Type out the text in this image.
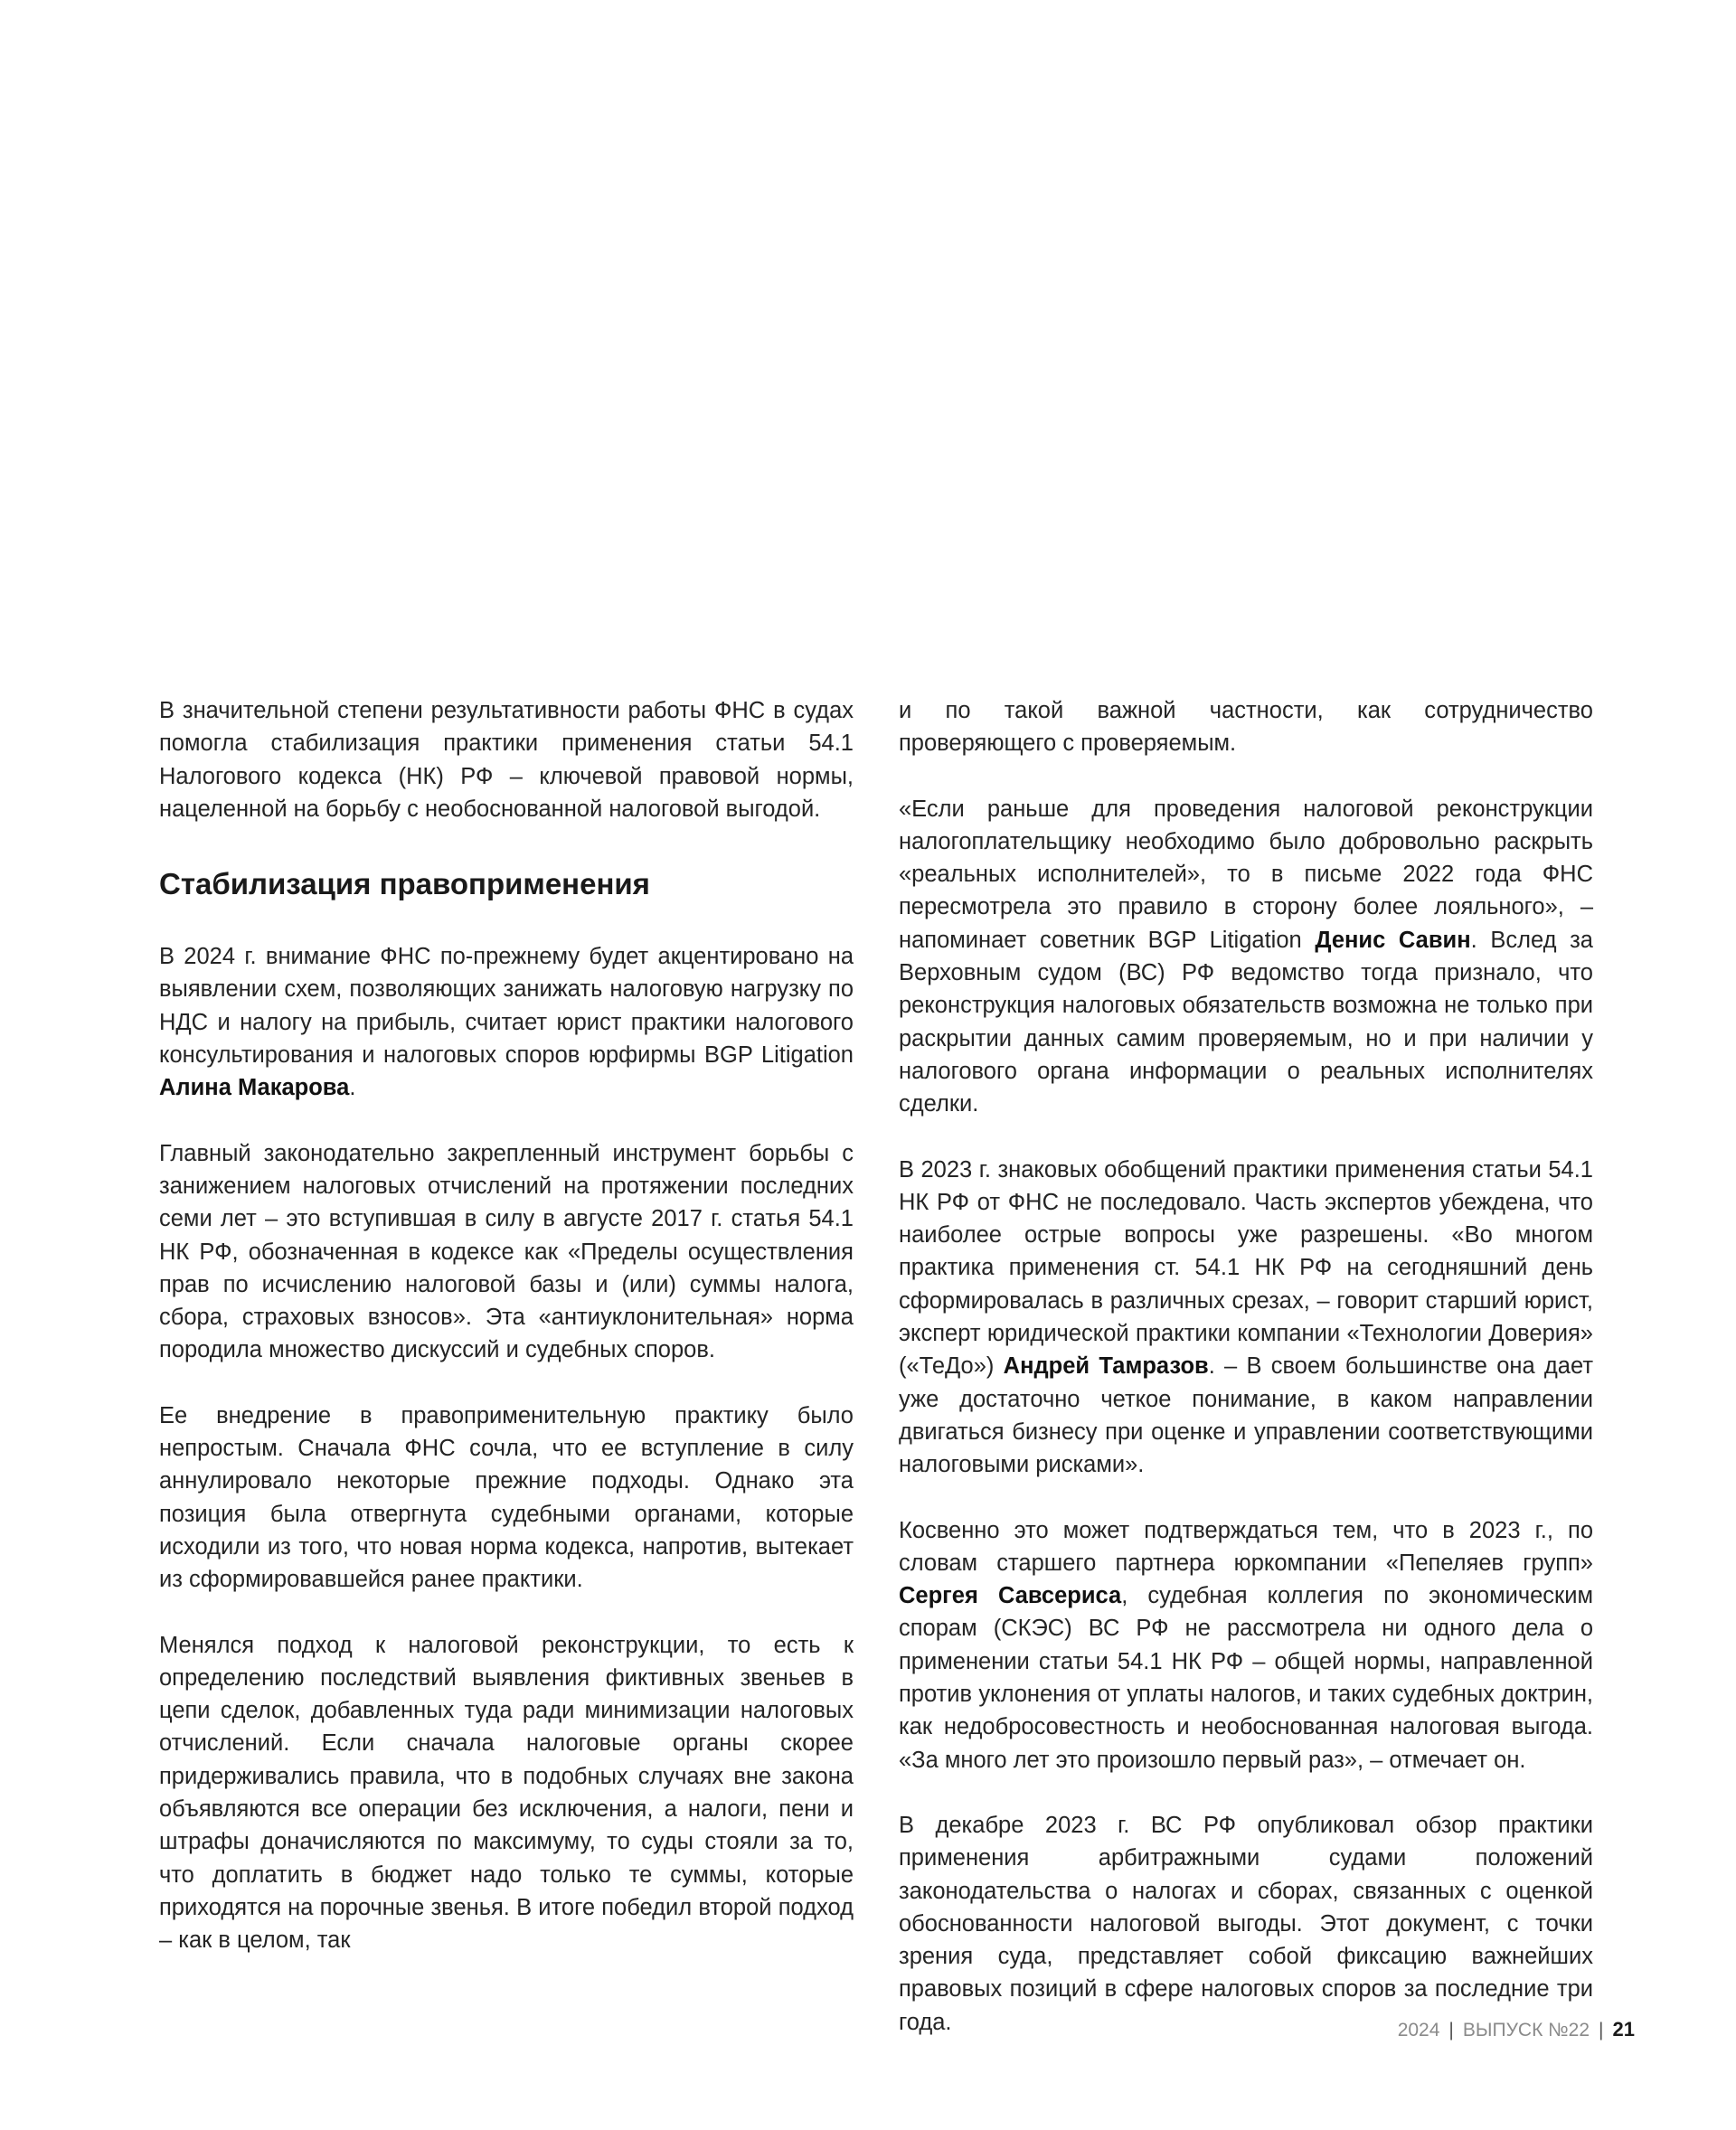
В значительной степени результативности работы ФНС в судах помогла стабилизация практики применения статьи 54.1 Налогового кодекса (НК) РФ – ключевой правовой нормы, нацеленной на борьбу с необоснованной налоговой выгодой.

Стабилизация правоприменения

В 2024 г. внимание ФНС по-прежнему будет акцентировано на выявлении схем, позволяющих занижать налоговую нагрузку по НДС и налогу на прибыль, считает юрист практики налогового консультирования и налоговых споров юрфирмы BGP Litigation Алина Макарова.

Главный законодательно закрепленный инструмент борьбы с занижением налоговых отчислений на протяжении последних семи лет – это вступившая в силу в августе 2017 г. статья 54.1 НК РФ, обозначенная в кодексе как «Пределы осуществления прав по исчислению налоговой базы и (или) суммы налога, сбора, страховых взносов». Эта «антиуклонительная» норма породила множество дискуссий и судебных споров.

Ее внедрение в правоприменительную практику было непростым. Сначала ФНС сочла, что ее вступление в силу аннулировало некоторые прежние подходы. Однако эта позиция была отвергнута судебными органами, которые исходили из того, что новая норма кодекса, напротив, вытекает из сформировавшейся ранее практики.

Менялся подход к налоговой реконструкции, то есть к определению последствий выявления фиктивных звеньев в цепи сделок, добавленных туда ради минимизации налоговых отчислений. Если сначала налоговые органы скорее придерживались правила, что в подобных случаях вне закона объявляются все операции без исключения, а налоги, пени и штрафы доначисляются по максимуму, то суды стояли за то, что доплатить в бюджет надо только те суммы, которые приходятся на порочные звенья. В итоге победил второй подход – как в целом, так

и по такой важной частности, как сотрудничество проверяющего с проверяемым.

«Если раньше для проведения налоговой реконструкции налогоплательщику необходимо было добровольно раскрыть «реальных исполнителей», то в письме 2022 года ФНС пересмотрела это правило в сторону более лояльного», – напоминает советник BGP Litigation Денис Савин. Вслед за Верховным судом (ВС) РФ ведомство тогда признало, что реконструкция налоговых обязательств возможна не только при раскрытии данных самим проверяемым, но и при наличии у налогового органа информации о реальных исполнителях сделки.

В 2023 г. знаковых обобщений практики применения статьи 54.1 НК РФ от ФНС не последовало. Часть экспертов убеждена, что наиболее острые вопросы уже разрешены. «Во многом практика применения ст. 54.1 НК РФ на сегодняшний день сформировалась в различных срезах, – говорит старший юрист, эксперт юридической практики компании «Технологии Доверия» («ТеДо») Андрей Тамразов. – В своем большинстве она дает уже достаточно четкое понимание, в каком направлении двигаться бизнесу при оценке и управлении соответствующими налоговыми рисками».

Косвенно это может подтверждаться тем, что в 2023 г., по словам старшего партнера юркомпании «Пепеляев групп» Сергея Савсериса, судебная коллегия по экономическим спорам (СКЭС) ВС РФ не рассмотрела ни одного дела о применении статьи 54.1 НК РФ – общей нормы, направленной против уклонения от уплаты налогов, и таких судебных доктрин, как недобросовестность и необоснованная налоговая выгода. «За много лет это произошло первый раз», – отмечает он.

В декабре 2023 г. ВС РФ опубликовал обзор практики применения арбитражными судами положений законодательства о налогах и сборах, связанных с оценкой обоснованности налоговой выгоды. Этот документ, с точки зрения суда, представляет собой фиксацию важнейших правовых позиций в сфере налоговых споров за последние три года.	2024 | ВЫПУСК №22 | 21
